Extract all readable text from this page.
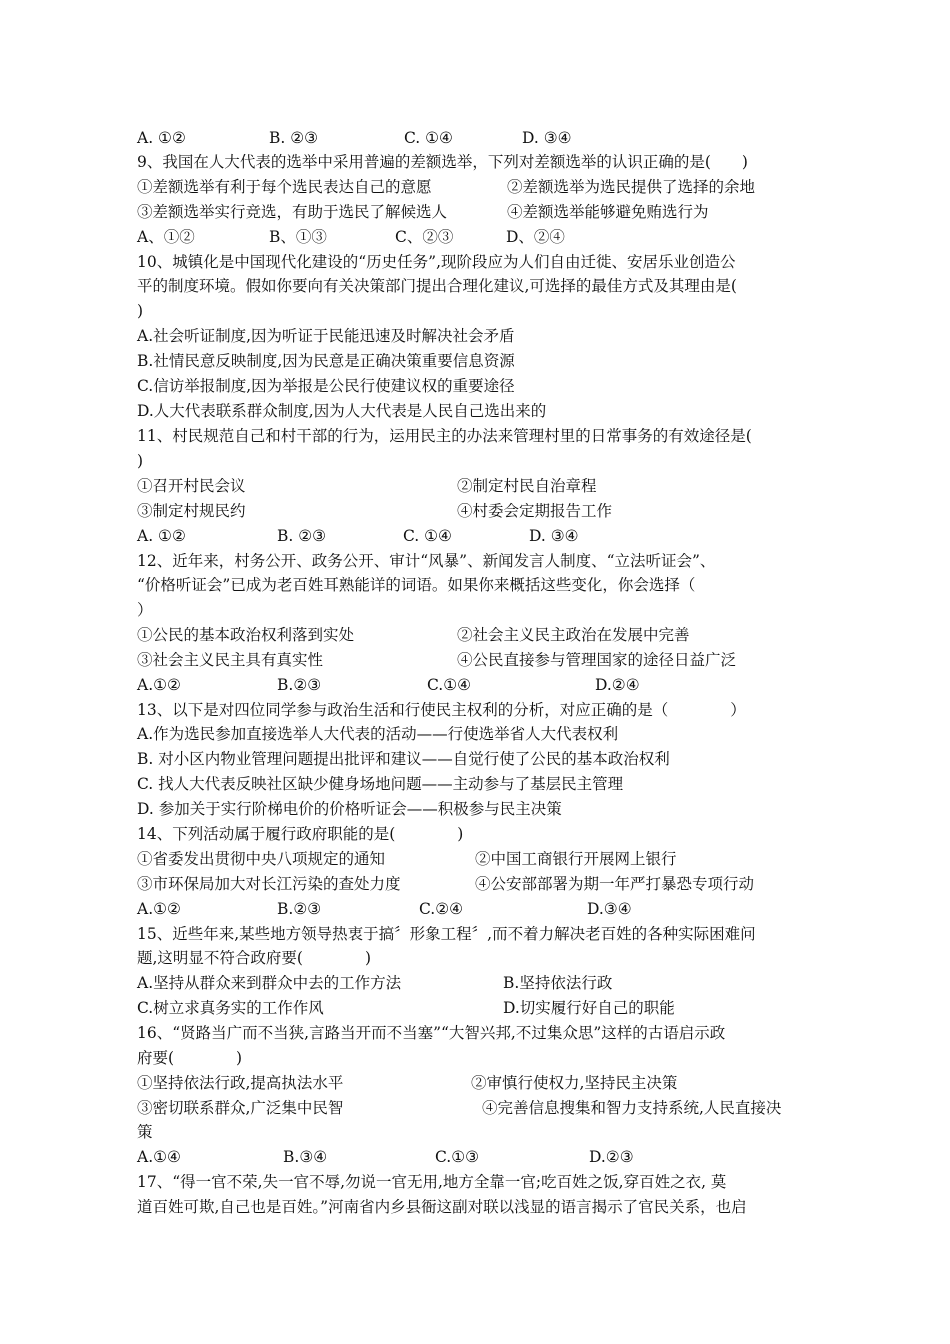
A. ①②	B. ②③	C. ①④	D. ③④
9、我国在人大代表的选举中采用普遍的差额选举，下列对差额选举的认识正确的是(　　)
①差额选举有利于每个选民表达自己的意愿	②差额选举为选民提供了选择的余地
③差额选举实行竞选，有助于选民了解候选人	④差额选举能够避免贿选行为
A、①②	B、①③	C、②③	D、②④
10、城镇化是中国现代化建设的“历史任务”,现阶段应为人们自由迁徙、安居乐业创造公
平的制度环境。假如你要向有关决策部门提出合理化建议,可选择的最佳方式及其理由是(
)
A.社会听证制度,因为听证于民能迅速及时解决社会矛盾
B.社情民意反映制度,因为民意是正确决策重要信息资源
C.信访举报制度,因为举报是公民行使建议权的重要途径
D.人大代表联系群众制度,因为人大代表是人民自己选出来的
11、村民规范自己和村干部的行为，运用民主的办法来管理村里的日常事务的有效途径是(
)
①召开村民会议	②制定村民自治章程
③制定村规民约	④村委会定期报告工作
A. ①②	B. ②③	C. ①④	D. ③④
12、近年来，村务公开、政务公开、审计“风暴”、新闻发言人制度、“立法听证会”、
“价格听证会”已成为老百姓耳熟能详的词语。如果你来概括这些变化，你会选择（
）
①公民的基本政治权利落到实处	②社会主义民主政治在发展中完善
③社会主义民主具有真实性	④公民直接参与管理国家的途径日益广泛
A.①②	B.②③	C.①④	D.②④
13、以下是对四位同学参与政治生活和行使民主权利的分析，对应正确的是（　　　　）
A.作为选民参加直接选举人大代表的活动——行使选举省人大代表权利
B. 对小区内物业管理问题提出批评和建议——自觉行使了公民的基本政治权利
C. 找人大代表反映社区缺少健身场地问题——主动参与了基层民主管理
D. 参加关于实行阶梯电价的价格听证会——积极参与民主决策
14、下列活动属于履行政府职能的是(　　　　)
①省委发出贯彻中央八项规定的通知	②中国工商银行开展网上银行
③市环保局加大对长江污染的查处力度	④公安部部署为期一年严打暴恐专项行动
A.①②	B.②③	C.②④	D.③④
15、近些年来,某些地方领导热衷于搞〞形象工程〞,而不着力解决老百姓的各种实际困难问
题,这明显不符合政府要(　　　　)
A.坚持从群众来到群众中去的工作方法	B.坚持依法行政
C.树立求真务实的工作作风	D.切实履行好自己的职能
16、“贤路当广而不当狭,言路当开而不当塞”“大智兴邦,不过集众思”这样的古语启示政
府要(　　　　)
①坚持依法行政,提高执法水平	②审慎行使权力,坚持民主决策
③密切联系群众,广泛集中民智	④完善信息搜集和智力支持系统,人民直接决
策
A.①④	B.③④	C.①③	D.②③
17、“得一官不荣,失一官不辱,勿说一官无用,地方全靠一官;吃百姓之饭,穿百姓之衣, 莫
道百姓可欺,自己也是百姓。”河南省内乡县衙这副对联以浅显的语言揭示了官民关系，也启
